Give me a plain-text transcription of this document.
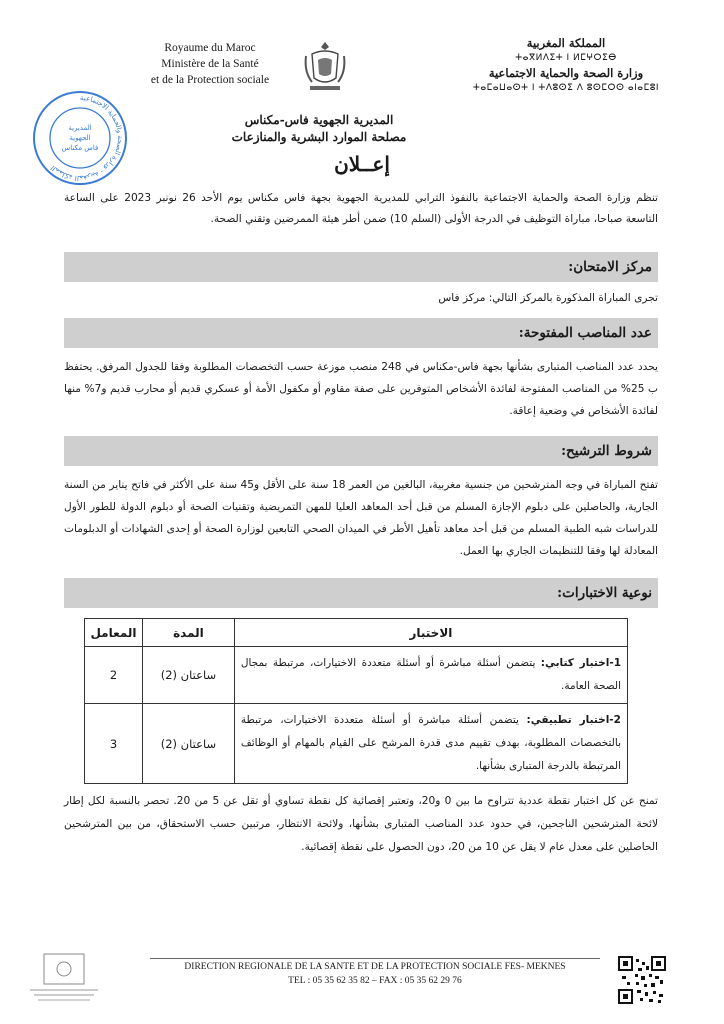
Royaume du Maroc
Ministère de la Santé
et de la Protection sociale
المملكة المغربية
ⵜⴰⴳⵍⴷⵉⵜ ⵏ ⵍⵎⵖⵔⵉⴱ
وزارة الصحة والحماية الاجتماعية
ⵜⴰⵎⴰⵡⴰⵙⵜ ⵏ ⵜⴷⵓⵙⵉ ⴷ ⵓⵙⵎⵔⵙ ⴰⵏⴰⵎⵓⵏ
المملكة المغربية - وزارة الصحة والحماية الاجتماعية
المديرية
الجهوية
فاس مكناس
المديرية الجهوية فاس-مكناس
مصلحة الموارد البشرية والمنازعات
إعــلان
تنظم وزارة الصحة والحماية الاجتماعية بالنفوذ الترابي للمديرية الجهوية بجهة فاس مكناس يوم الأحد 26 نونبر 2023 على الساعة التاسعة صباحا، مباراة التوظيف في الدرجة الأولى (السلم 10) ضمن أطر هيئة الممرضين وتقني الصحة.
مركز الامتحان:
تجرى المباراة المذكورة بالمركز التالي: مركز فاس
عدد المناصب المفتوحة:
يحدد عدد المناصب المتبارى بشأنها بجهة فاس-مكناس في 248 منصب موزعة حسب التخصصات المطلوبة وفقا للجدول المرفق. يحتفظ ب 25% من المناصب المفتوحة لفائدة الأشخاص المتوفرين على صفة مقاوم أو مكفول الأمة أو عسكري قديم أو محارب قديم و7% منها لفائدة الأشخاص في وضعية إعاقة.
شروط الترشيح:
تفتح المباراة في وجه المترشحين من جنسية مغربية، البالغين من العمر 18 سنة على الأقل و45 سنة على الأكثر في فاتح يناير من السنة الجارية، والحاصلين على دبلوم الإجازة المسلم من قبل أحد المعاهد العليا للمهن التمريضية وتقنيات الصحة أو دبلوم الدولة للطور الأول للدراسات شبه الطبية المسلم من قبل أحد معاهد تأهيل الأطر في الميدان الصحي التابعين لوزارة الصحة أو إحدى الشهادات أو الدبلومات المعادلة لها وفقا للتنظيمات الجاري بها العمل.
نوعية الاختبارات:
الاختبار	المدة	المعامل
1-اختبار كتابي: يتضمن أسئلة مباشرة أو أسئلة متعددة الاختيارات، مرتبطة بمجال الصحة العامة.	ساعتان (2)	2
2-اختبار تطبيقي: يتضمن أسئلة مباشرة أو أسئلة متعددة الاختيارات، مرتبطة بالتخصصات المطلوبة، بهدف تقييم مدى قدرة المرشح على القيام بالمهام أو الوظائف المرتبطة بالدرجة المتبارى بشأنها.	ساعتان (2)	3
تمنح عن كل اختبار نقطة عددية تتراوح ما بين 0 و20، وتعتبر إقصائية كل نقطة تساوي أو تقل عن 5 من 20. تحصر بالنسبة لكل إطار لائحة المترشحين الناجحين، في حدود عدد المناصب المتبارى بشأنها، ولائحة الانتظار، مرتبين حسب الاستحقاق، من بين المترشحين الحاصلين على معدل عام لا يقل عن 10 من 20، دون الحصول على نقطة إقصائية.
DIRECTION REGIONALE DE LA SANTE ET DE LA PROTECTION SOCIALE FES- MEKNES
TEL : 05 35 62 35 82 – FAX : 05 35 62 29 76
